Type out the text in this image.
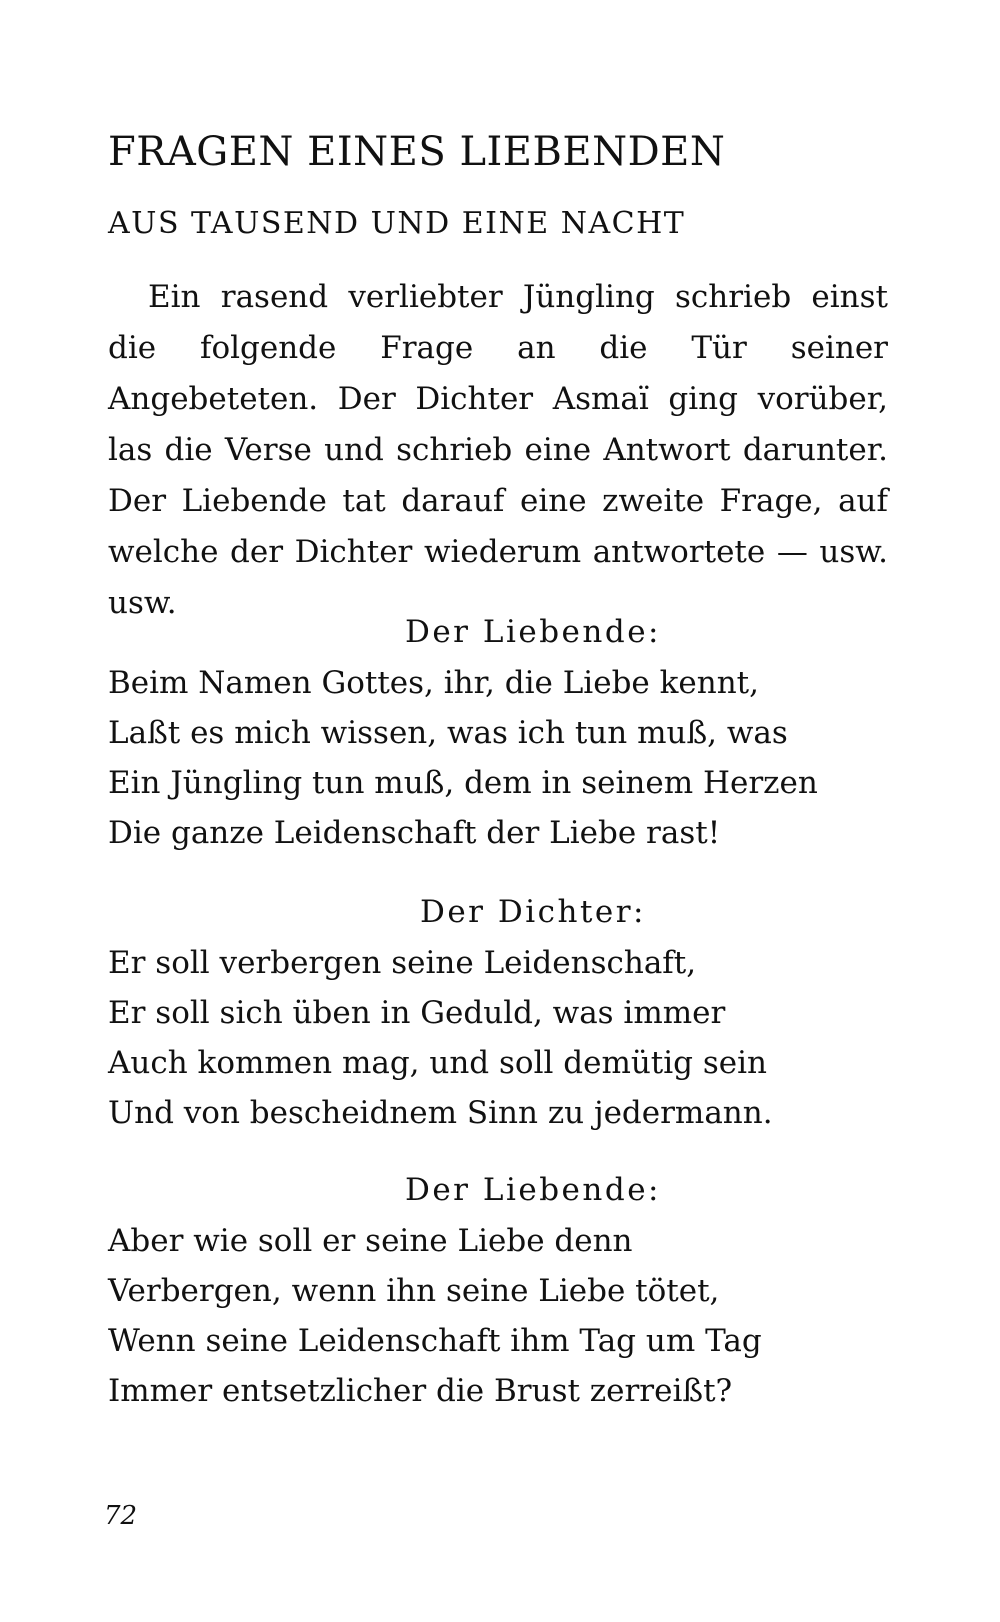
FRAGEN EINES LIEBENDEN
AUS TAUSEND UND EINE NACHT

Ein rasend verliebter Jüngling schrieb einst die folgende Frage an die Tür seiner Angebeteten. Der Dichter Asmaï ging vorüber, las die Verse und schrieb eine Antwort darunter. Der Liebende tat darauf eine zweite Frage, auf welche der Dichter wiederum antwortete — usw. usw.

Der Liebende:

Beim Namen Gottes, ihr, die Liebe kennt,
Laßt es mich wissen, was ich tun muß, was
Ein Jüngling tun muß, dem in seinem Herzen
Die ganze Leidenschaft der Liebe rast!

Der Dichter:

Er soll verbergen seine Leidenschaft,
Er soll sich üben in Geduld, was immer
Auch kommen mag, und soll demütig sein
Und von bescheidnem Sinn zu jedermann.

Der Liebende:

Aber wie soll er seine Liebe denn
Verbergen, wenn ihn seine Liebe tötet,
Wenn seine Leidenschaft ihm Tag um Tag
Immer entsetzlicher die Brust zerreißt?
72
